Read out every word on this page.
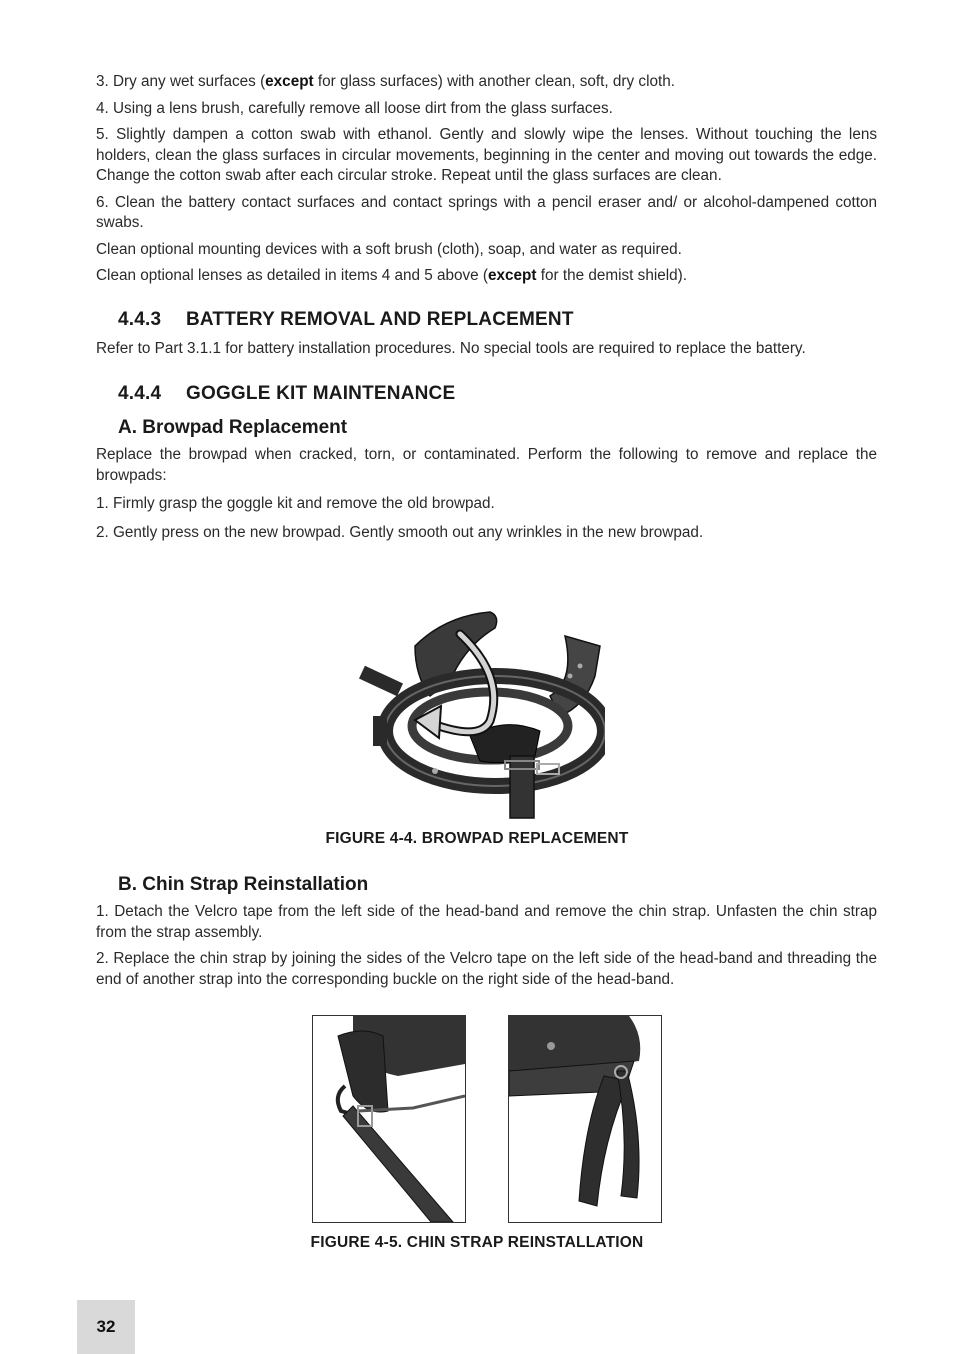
3. Dry any wet surfaces (except for glass surfaces) with another clean, soft, dry cloth.

4. Using a lens brush, carefully remove all loose dirt from the glass surfaces.

5. Slightly dampen a cotton swab with ethanol. Gently and slowly wipe the lenses. Without touching the lens holders, clean the glass surfaces in circular movements, beginning in the center and moving out towards the edge. Change the cotton swab after each circular stroke. Repeat until the glass surfaces are clean.

6. Clean the battery contact surfaces and contact springs with a pencil eraser and/ or alcohol-dampened cotton swabs.

Clean optional mounting devices with a soft brush (cloth), soap, and water as required.

Clean optional lenses as detailed in items 4 and 5 above (except for the demist shield).

4.4.3 BATTERY REMOVAL AND REPLACEMENT

Refer to Part 3.1.1 for battery installation procedures. No special tools are required to replace the battery.

4.4.4 GOGGLE KIT MAINTENANCE
A. Browpad Replacement

Replace the browpad when cracked, torn, or contaminated. Perform the following to remove and replace the browpads:

1. Firmly grasp the goggle kit and remove the old browpad.

2. Gently press on the new browpad. Gently smooth out any wrinkles in the new browpad.

FIGURE 4-4. BROWPAD REPLACEMENT
B. Chin Strap Reinstallation

1. Detach the Velcro tape from the left side of the head-band and remove the chin strap. Unfasten the chin strap from the strap assembly.

2. Replace the chin strap by joining the sides of the Velcro tape on the left side of the head-band and threading the end of another strap into the corresponding buckle on the right side of the head-band.

FIGURE 4-5. CHIN STRAP REINSTALLATION
32
